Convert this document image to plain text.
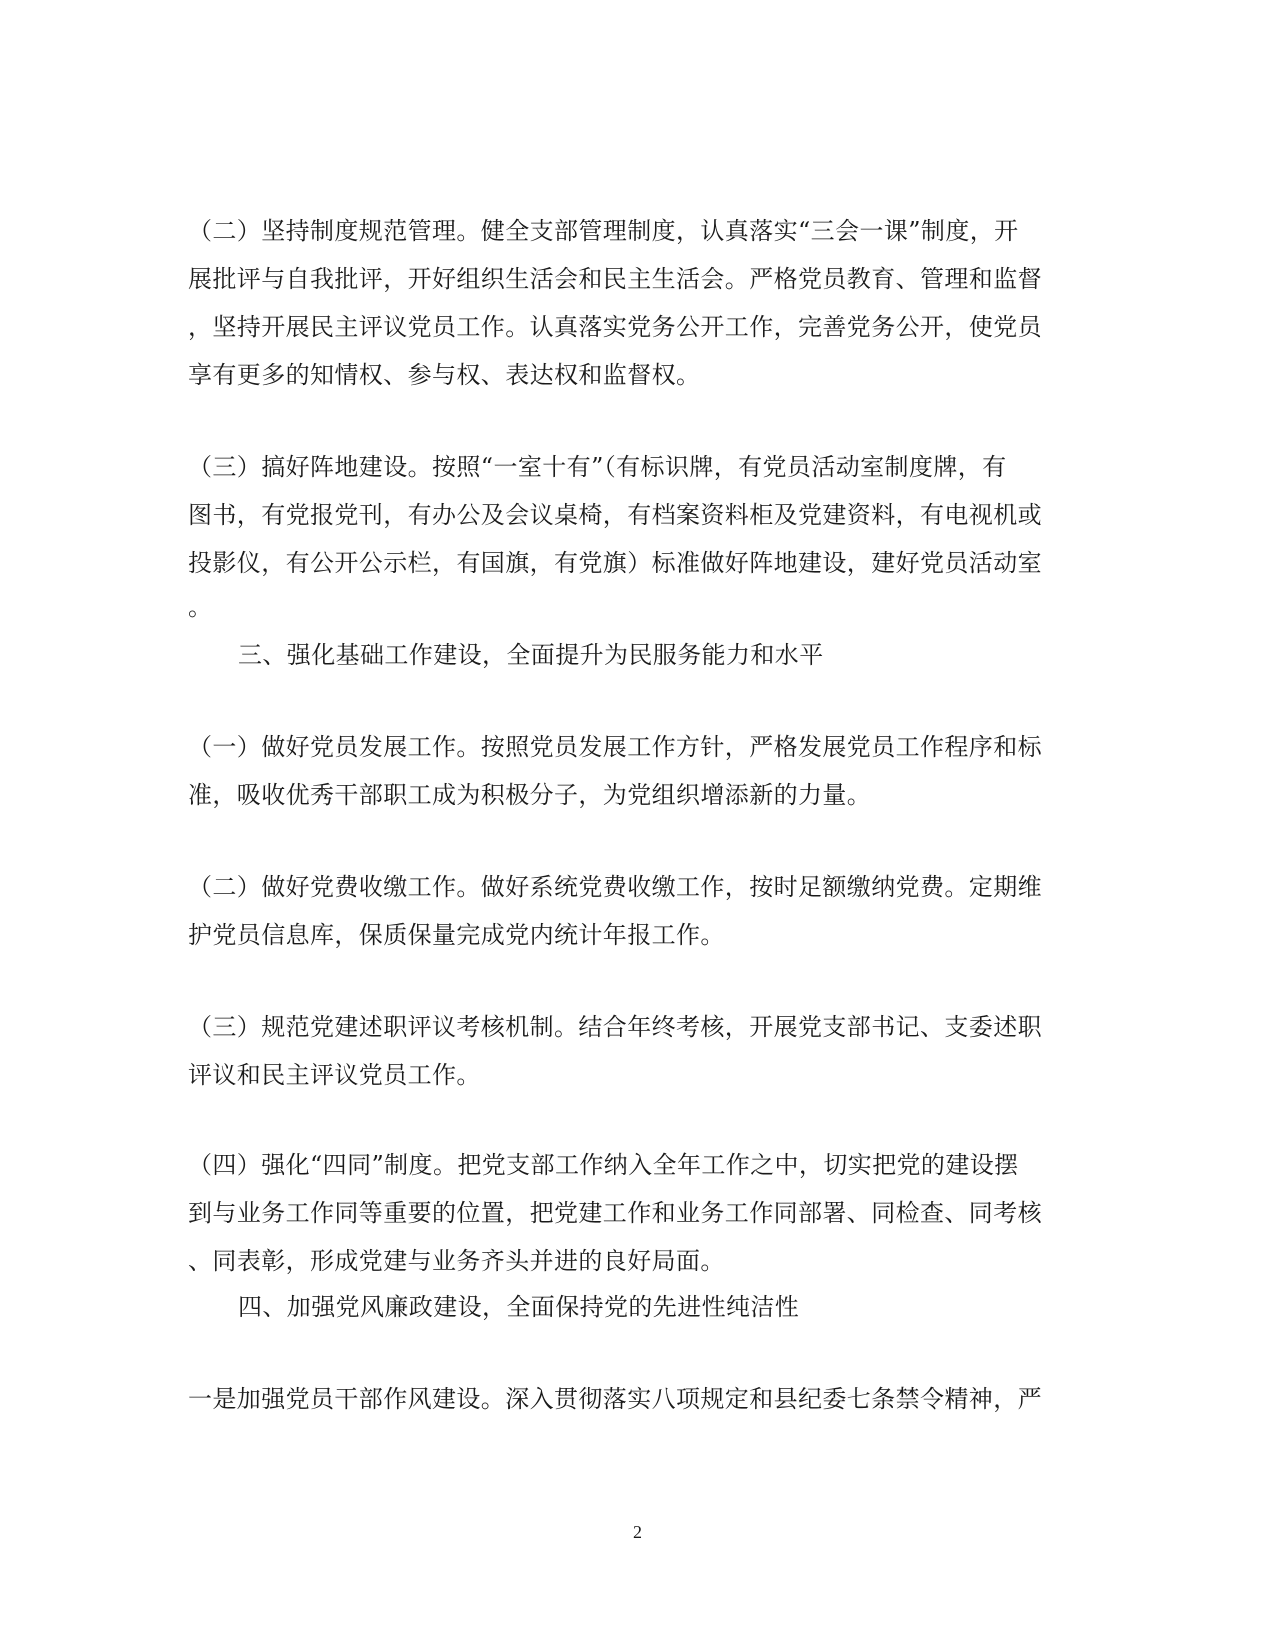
（二）坚持制度规范管理。健全支部管理制度，认真落实“三会一课”制度，开
展批评与自我批评，开好组织生活会和民主生活会。严格党员教育、管理和监督
，坚持开展民主评议党员工作。认真落实党务公开工作，完善党务公开，使党员
享有更多的知情权、参与权、表达权和监督权。
（三）搞好阵地建设。按照“一室十有”（有标识牌，有党员活动室制度牌，有
图书，有党报党刊，有办公及会议桌椅，有档案资料柜及党建资料，有电视机或
投影仪，有公开公示栏，有国旗，有党旗）标准做好阵地建设，建好党员活动室
。
三、强化基础工作建设，全面提升为民服务能力和水平
（一）做好党员发展工作。按照党员发展工作方针，严格发展党员工作程序和标
准，吸收优秀干部职工成为积极分子，为党组织增添新的力量。
（二）做好党费收缴工作。做好系统党费收缴工作，按时足额缴纳党费。定期维
护党员信息库，保质保量完成党内统计年报工作。
（三）规范党建述职评议考核机制。结合年终考核，开展党支部书记、支委述职
评议和民主评议党员工作。
（四）强化“四同”制度。把党支部工作纳入全年工作之中，切实把党的建设摆
到与业务工作同等重要的位置，把党建工作和业务工作同部署、同检查、同考核
、同表彰，形成党建与业务齐头并进的良好局面。
四、加强党风廉政建设，全面保持党的先进性纯洁性
一是加强党员干部作风建设。深入贯彻落实八项规定和县纪委七条禁令精神，严
2
